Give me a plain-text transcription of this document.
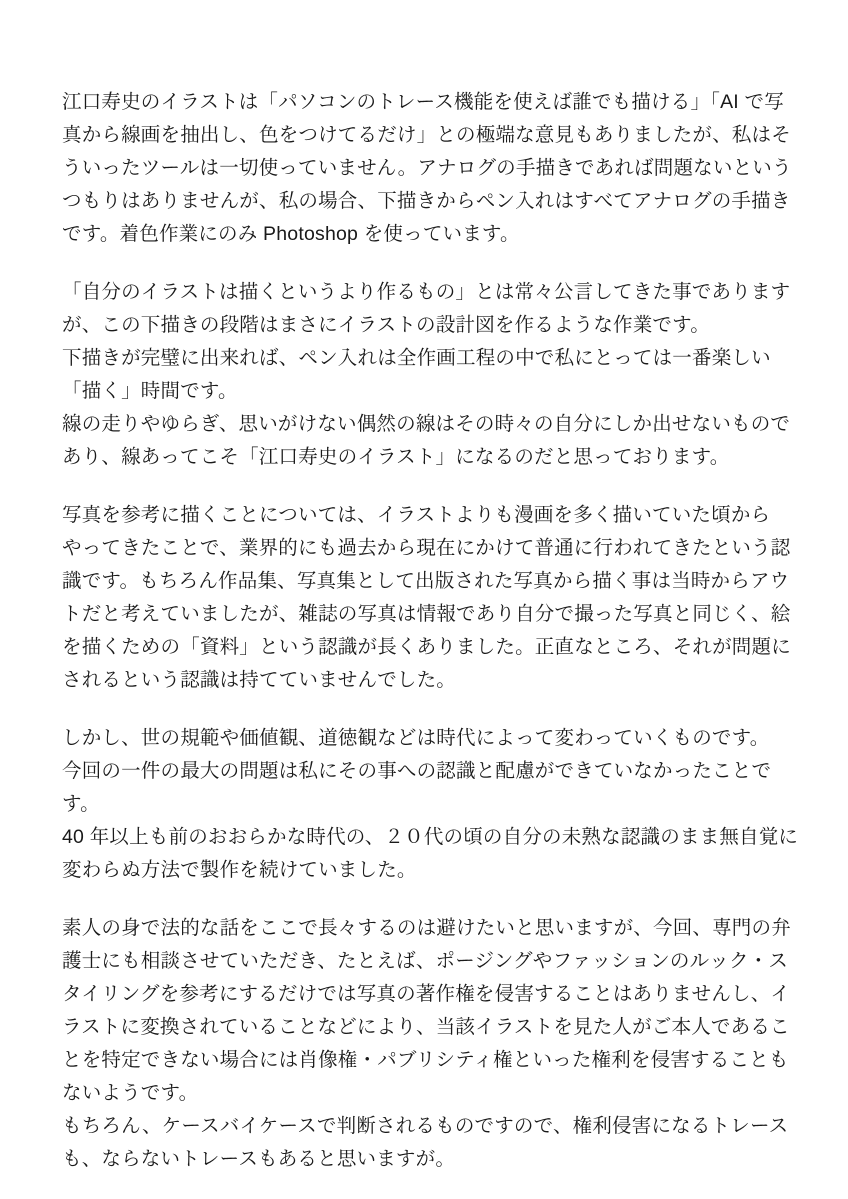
江口寿史のイラストは「パソコンのトレース機能を使えば誰でも描ける」「AI で写真から線画を抽出し、色をつけてるだけ」との極端な意見もありましたが、私はそういったツールは一切使っていません。アナログの手描きであれば問題ないというつもりはありませんが、私の場合、下描きからペン入れはすべてアナログの手描きです。着色作業にのみ Photoshop を使っています。
「自分のイラストは描くというより作るもの」とは常々公言してきた事でありますが、この下描きの段階はまさにイラストの設計図を作るような作業です。
下描きが完璧に出来れば、ペン入れは全作画工程の中で私にとっては一番楽しい「描く」時間です。
線の走りやゆらぎ、思いがけない偶然の線はその時々の自分にしか出せないものであり、線あってこそ「江口寿史のイラスト」になるのだと思っております。
写真を参考に描くことについては、イラストよりも漫画を多く描いていた頃からやってきたことで、業界的にも過去から現在にかけて普通に行われてきたという認識です。もちろん作品集、写真集として出版された写真から描く事は当時からアウトだと考えていましたが、雑誌の写真は情報であり自分で撮った写真と同じく、絵を描くための「資料」という認識が長くありました。正直なところ、それが問題にされるという認識は持てていませんでした。
しかし、世の規範や価値観、道徳観などは時代によって変わっていくものです。
今回の一件の最大の問題は私にその事への認識と配慮ができていなかったことです。
40 年以上も前のおおらかな時代の、２０代の頃の自分の未熟な認識のまま無自覚に変わらぬ方法で製作を続けていました。
素人の身で法的な話をここで長々するのは避けたいと思いますが、今回、専門の弁護士にも相談させていただき、たとえば、ポージングやファッションのルック・スタイリングを参考にするだけでは写真の著作権を侵害することはありませんし、イラストに変換されていることなどにより、当該イラストを見た人がご本人であることを特定できない場合には肖像権・パブリシティ権といった権利を侵害することもないようです。
もちろん、ケースバイケースで判断されるものですので、権利侵害になるトレースも、ならないトレースもあると思いますが。
